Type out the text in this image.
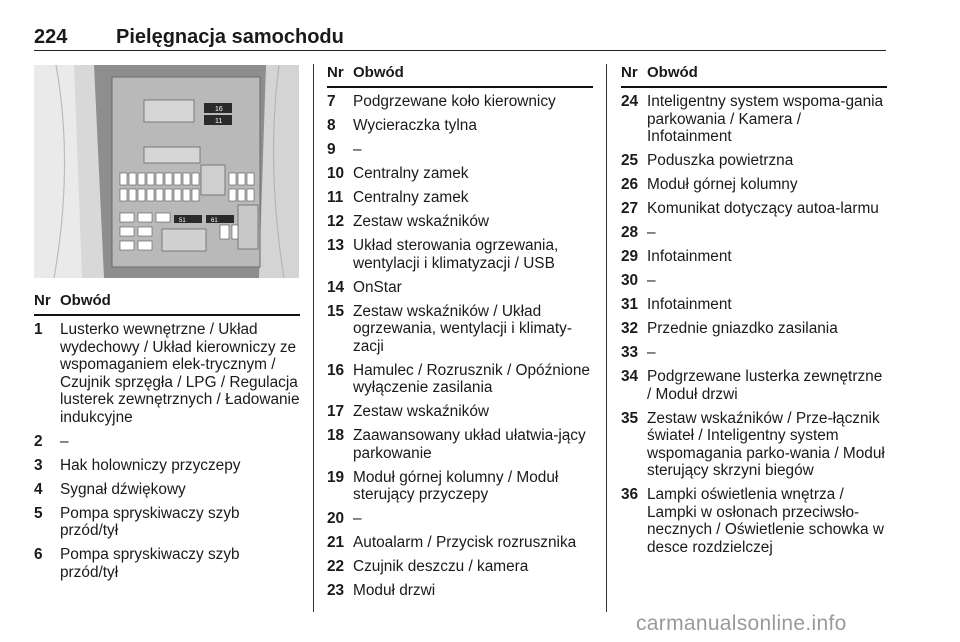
224 Pielęgnacja samochodu
16
11
51	61
Nr Obwód
1	Lusterko wewnętrzne / Układ wydechowy / Układ kierowniczy ze wspomaganiem elek-trycznym / Czujnik sprzęgła / LPG / Regulacja lusterek zewnętrznych / Ładowanie indukcyjne
2	–
3	Hak holowniczy przyczepy
4	Sygnał dźwiękowy
5	Pompa spryskiwaczy szyb przód/tył
6	Pompa spryskiwaczy szyb przód/tył
Nr Obwód
7	Podgrzewane koło kierownicy
8	Wycieraczka tylna
9	–
10 Centralny zamek
11 Centralny zamek
12 Zestaw wskaźników
13 Układ sterowania ogrzewania, wentylacji i klimatyzacji / USB
14 OnStar
15 Zestaw wskaźników / Układ ogrzewania, wentylacji i klimaty-zacji
16 Hamulec / Rozrusznik / Opóźnione wyłączenie zasilania
17 Zestaw wskaźników
18 Zaawansowany układ ułatwia-jący parkowanie
19 Moduł górnej kolumny / Moduł sterujący przyczepy
20 –
21 Autoalarm / Przycisk rozrusznika
22 Czujnik deszczu / kamera
23 Moduł drzwi
Nr Obwód
24 Inteligentny system wspoma-gania parkowania / Kamera / Infotainment
25 Poduszka powietrzna
26 Moduł górnej kolumny
27 Komunikat dotyczący autoa-larmu
28 –
29 Infotainment
30 –
31 Infotainment
32 Przednie gniazdko zasilania
33 –
34 Podgrzewane lusterka zewnętrzne / Moduł drzwi
35 Zestaw wskaźników / Prze-łącznik świateł / Inteligentny system wspomagania parko-wania / Moduł sterujący skrzyni biegów
36 Lampki oświetlenia wnętrza / Lampki w osłonach przeciwsło-necznych / Oświetlenie schowka w desce rozdzielczej
carmanualsonline.info
